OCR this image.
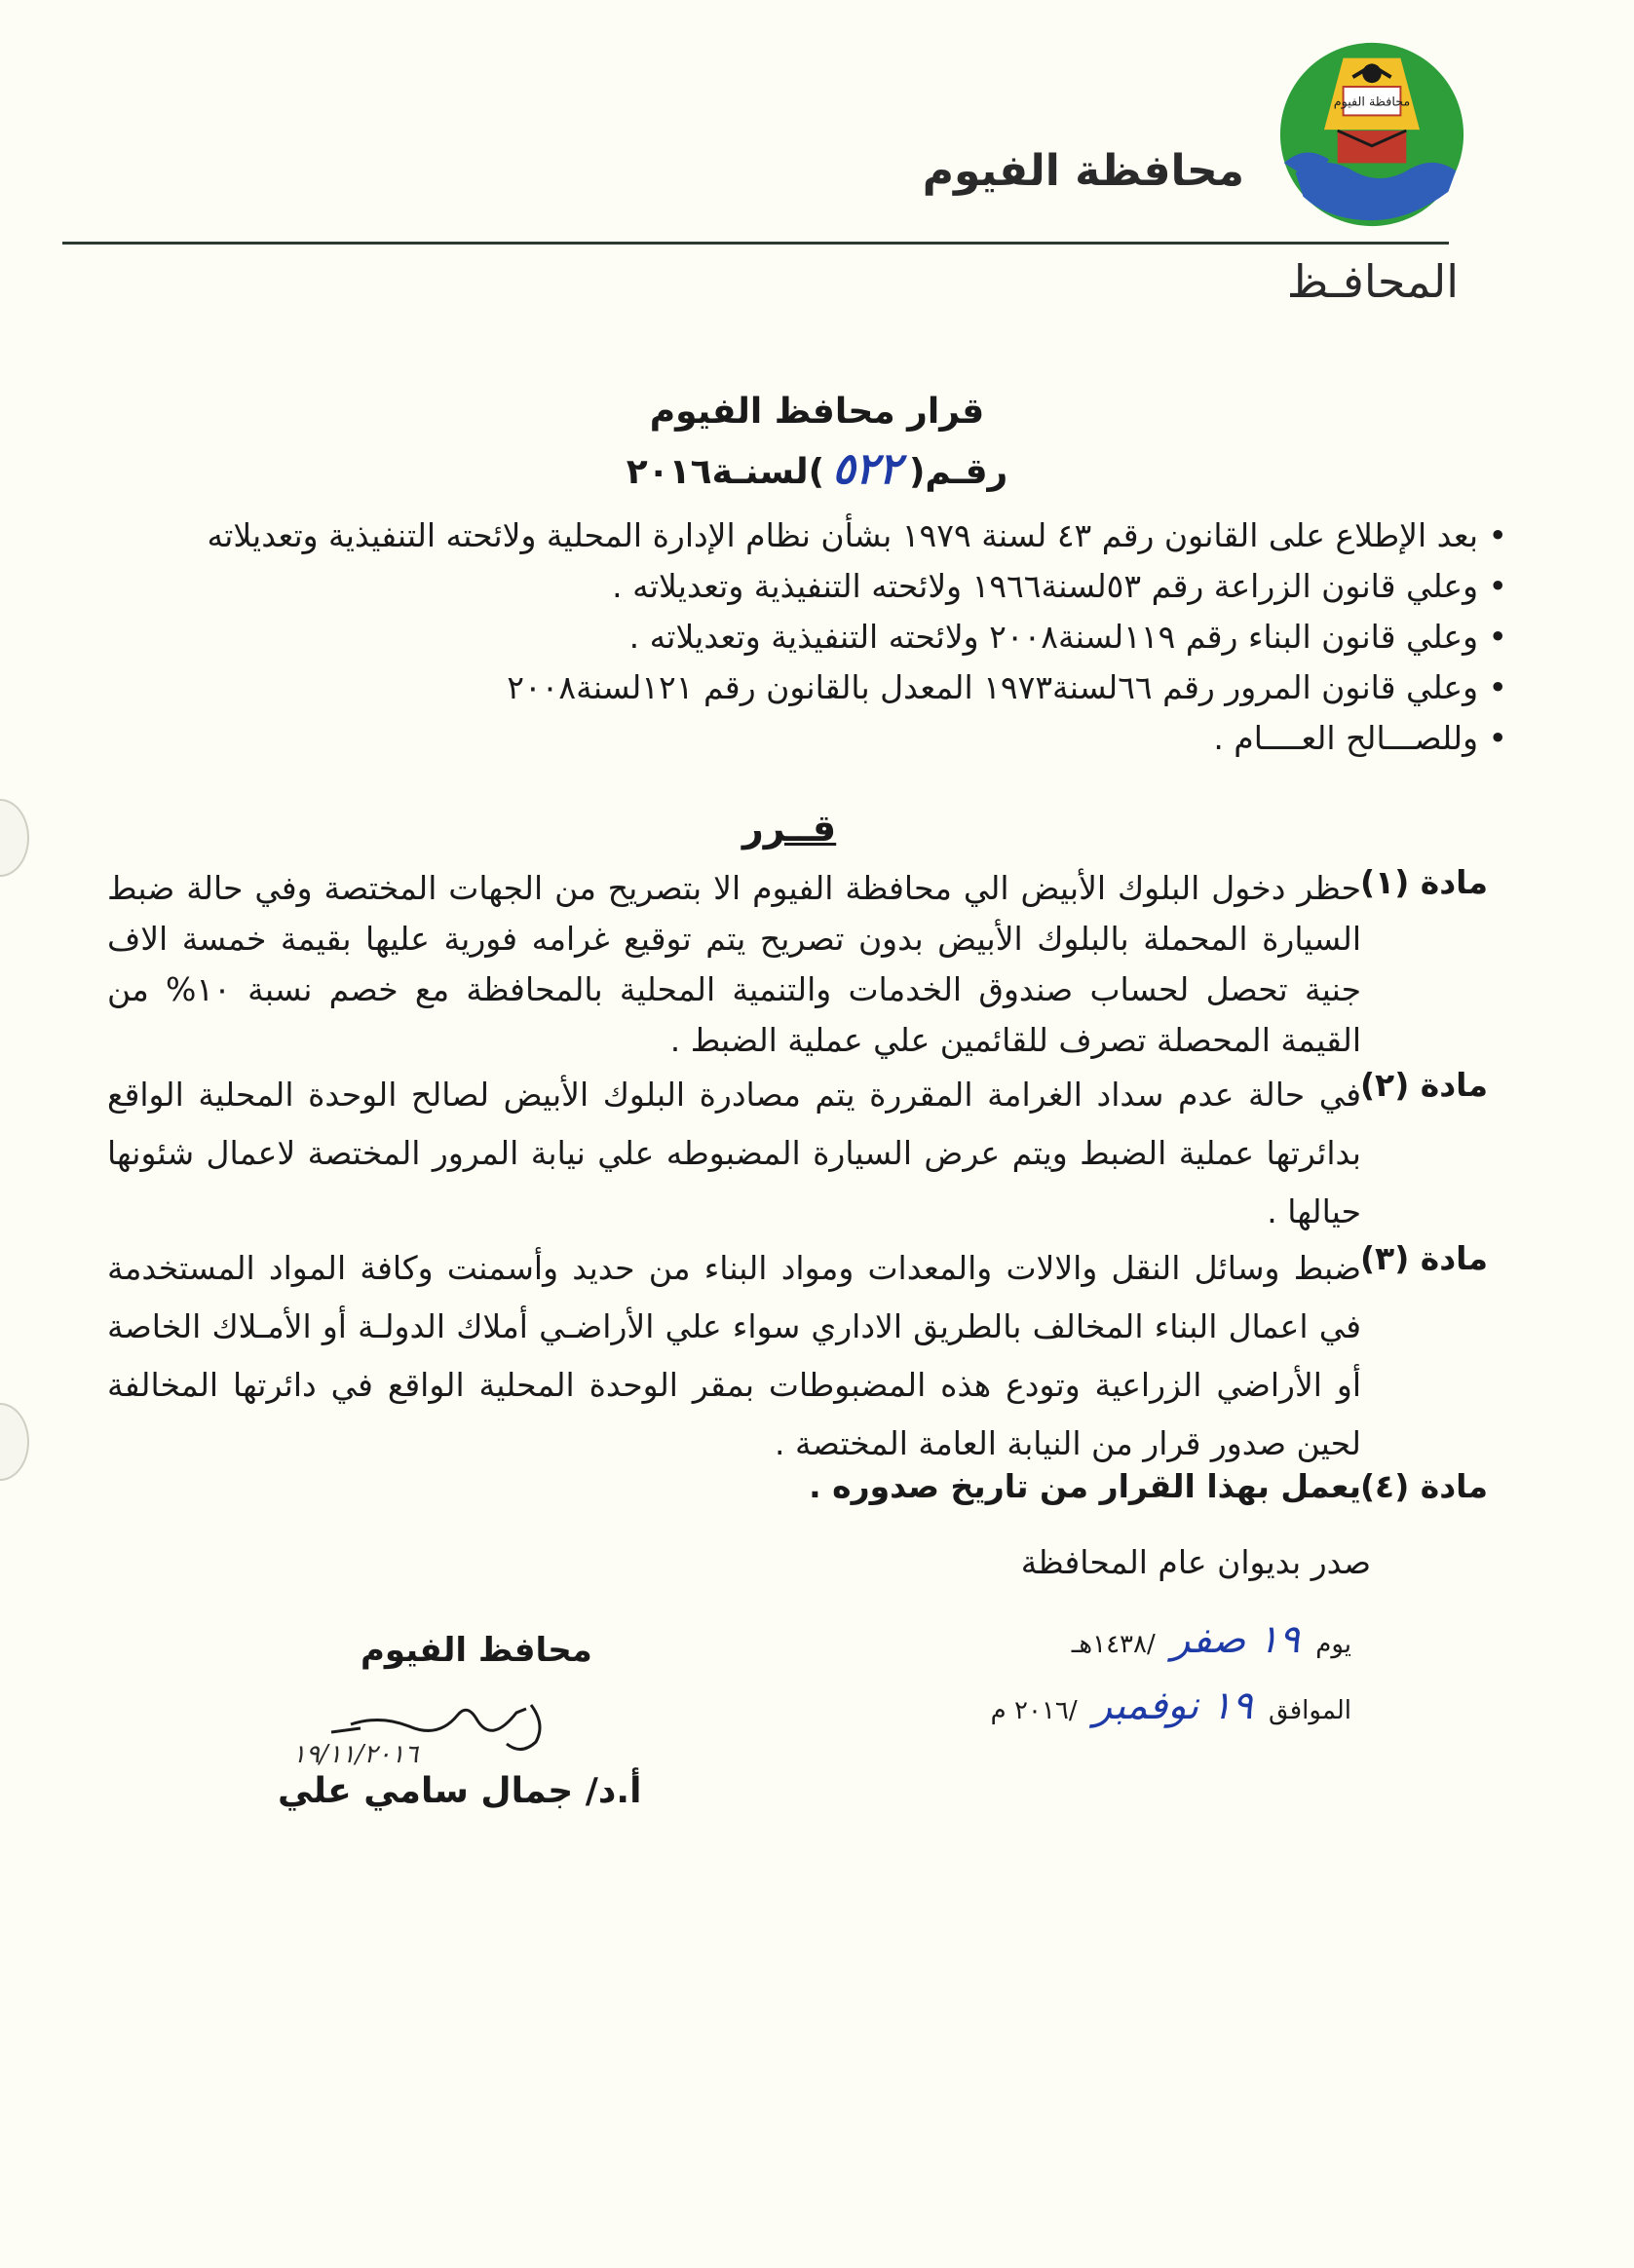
محافظة الفيوم
محافظة الفيوم
المحافـظ
قرار محافظ الفيوم
رقـم(٥٢٢)لسنـة٢٠١٦
• بعد الإطلاع على القانون رقم ٤٣ لسنة ١٩٧٩ بشأن نظام الإدارة المحلية ولائحته التنفيذية وتعديلاته
• وعلي قانون الزراعة رقم ٥٣لسنة١٩٦٦ ولائحته التنفيذية وتعديلاته .
• وعلي قانون البناء رقم ١١٩لسنة٢٠٠٨ ولائحته التنفيذية وتعديلاته .
• وعلي قانون المرور رقم ٦٦لسنة١٩٧٣ المعدل بالقانون رقم ١٢١لسنة٢٠٠٨
• وللصـــالح العــــام .
قــرر
مادة (١)
حظر دخول البلوك الأبيض الي محافظة الفيوم الا بتصريح من الجهات المختصة وفي حالة ضبط السيارة المحملة بالبلوك الأبيض بدون تصريح يتم توقيع غرامه فورية عليها بقيمة خمسة الاف جنية تحصل لحساب صندوق الخدمات والتنمية المحلية بالمحافظة مع خصم نسبة ١٠% من القيمة المحصلة تصرف للقائمين علي عملية الضبط .
مادة (٢)
في حالة عدم سداد الغرامة المقررة يتم مصادرة البلوك الأبيض لصالح الوحدة المحلية الواقع بدائرتها عملية الضبط ويتم عرض السيارة المضبوطه علي نيابة المرور المختصة لاعمال شئونها حيالها .
مادة (٣)
ضبط وسائل النقل والالات والمعدات ومواد البناء من حديد وأسمنت وكافة المواد المستخدمة في اعمال البناء المخالف بالطريق الاداري سواء علي الأراضـي أملاك الدولـة أو الأمـلاك الخاصة أو الأراضي الزراعية وتودع هذه المضبوطات بمقر الوحدة المحلية الواقع في دائرتها المخالفة لحين صدور قرار من النيابة العامة المختصة .
مادة (٤)
يعمل بهذا القرار من تاريخ صدوره .
صدر بديوان عام المحافظة
يوم ١٩ صفر /١٤٣٨هـ
الموافق ١٩ نوفمبر /٢٠١٦ م
محافظ الفيوم
١٩/١١/٢٠١٦
أ.د/ جمال سامي علي
